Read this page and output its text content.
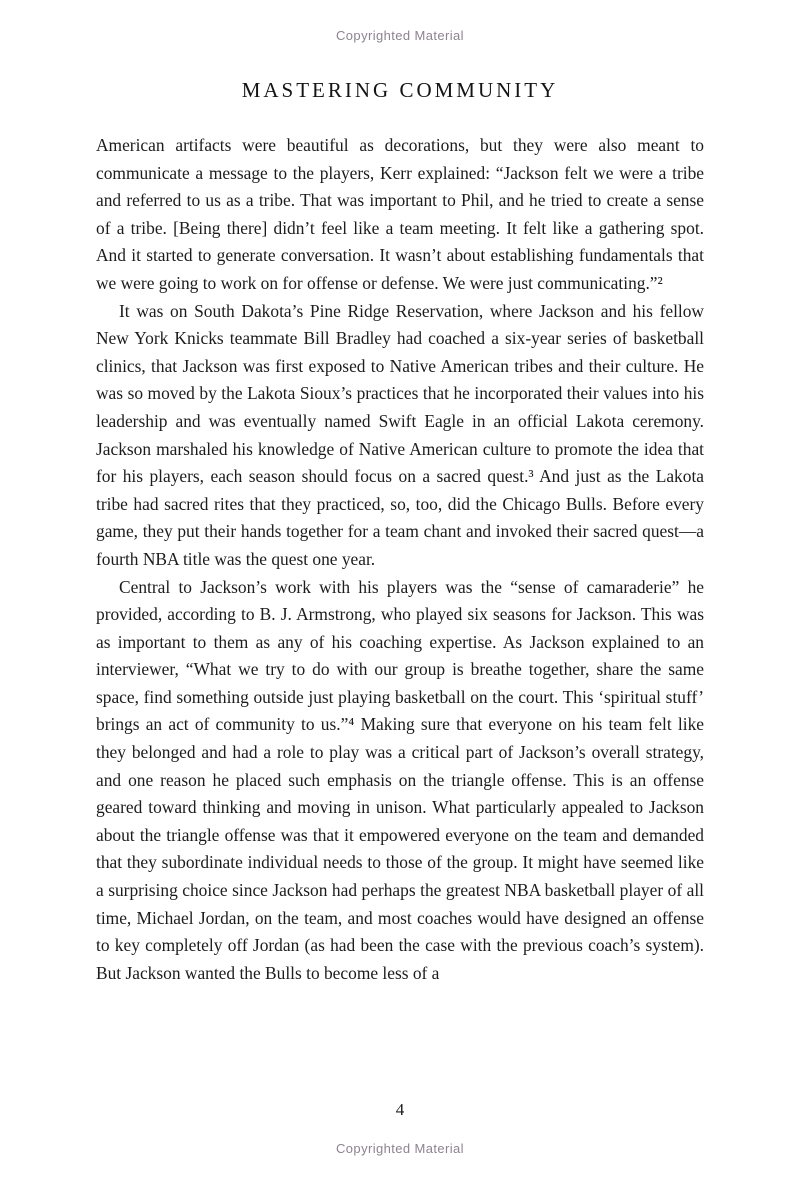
Copyrighted Material
MASTERING COMMUNITY

American artifacts were beautiful as decorations, but they were also meant to communicate a message to the players, Kerr explained: “Jackson felt we were a tribe and referred to us as a tribe. That was important to Phil, and he tried to create a sense of a tribe. [Being there] didn’t feel like a team meeting. It felt like a gathering spot. And it started to generate conversation. It wasn’t about establishing fundamentals that we were going to work on for offense or defense. We were just communicating.”²

It was on South Dakota’s Pine Ridge Reservation, where Jackson and his fellow New York Knicks teammate Bill Bradley had coached a six-year series of basketball clinics, that Jackson was first exposed to Native American tribes and their culture. He was so moved by the Lakota Sioux’s practices that he incorporated their values into his leadership and was eventually named Swift Eagle in an official Lakota ceremony. Jackson marshaled his knowledge of Native American culture to promote the idea that for his players, each season should focus on a sacred quest.³ And just as the Lakota tribe had sacred rites that they practiced, so, too, did the Chicago Bulls. Before every game, they put their hands together for a team chant and invoked their sacred quest—a fourth NBA title was the quest one year.

Central to Jackson’s work with his players was the “sense of camaraderie” he provided, according to B. J. Armstrong, who played six seasons for Jackson. This was as important to them as any of his coaching expertise. As Jackson explained to an interviewer, “What we try to do with our group is breathe together, share the same space, find something outside just playing basketball on the court. This ‘spiritual stuff’ brings an act of community to us.”⁴ Making sure that everyone on his team felt like they belonged and had a role to play was a critical part of Jackson’s overall strategy, and one reason he placed such emphasis on the triangle offense. This is an offense geared toward thinking and moving in unison. What particularly appealed to Jackson about the triangle offense was that it empowered everyone on the team and demanded that they subordinate individual needs to those of the group. It might have seemed like a surprising choice since Jackson had perhaps the greatest NBA basketball player of all time, Michael Jordan, on the team, and most coaches would have designed an offense to key completely off Jordan (as had been the case with the previous coach’s system). But Jackson wanted the Bulls to become less of a

4
Copyrighted Material
